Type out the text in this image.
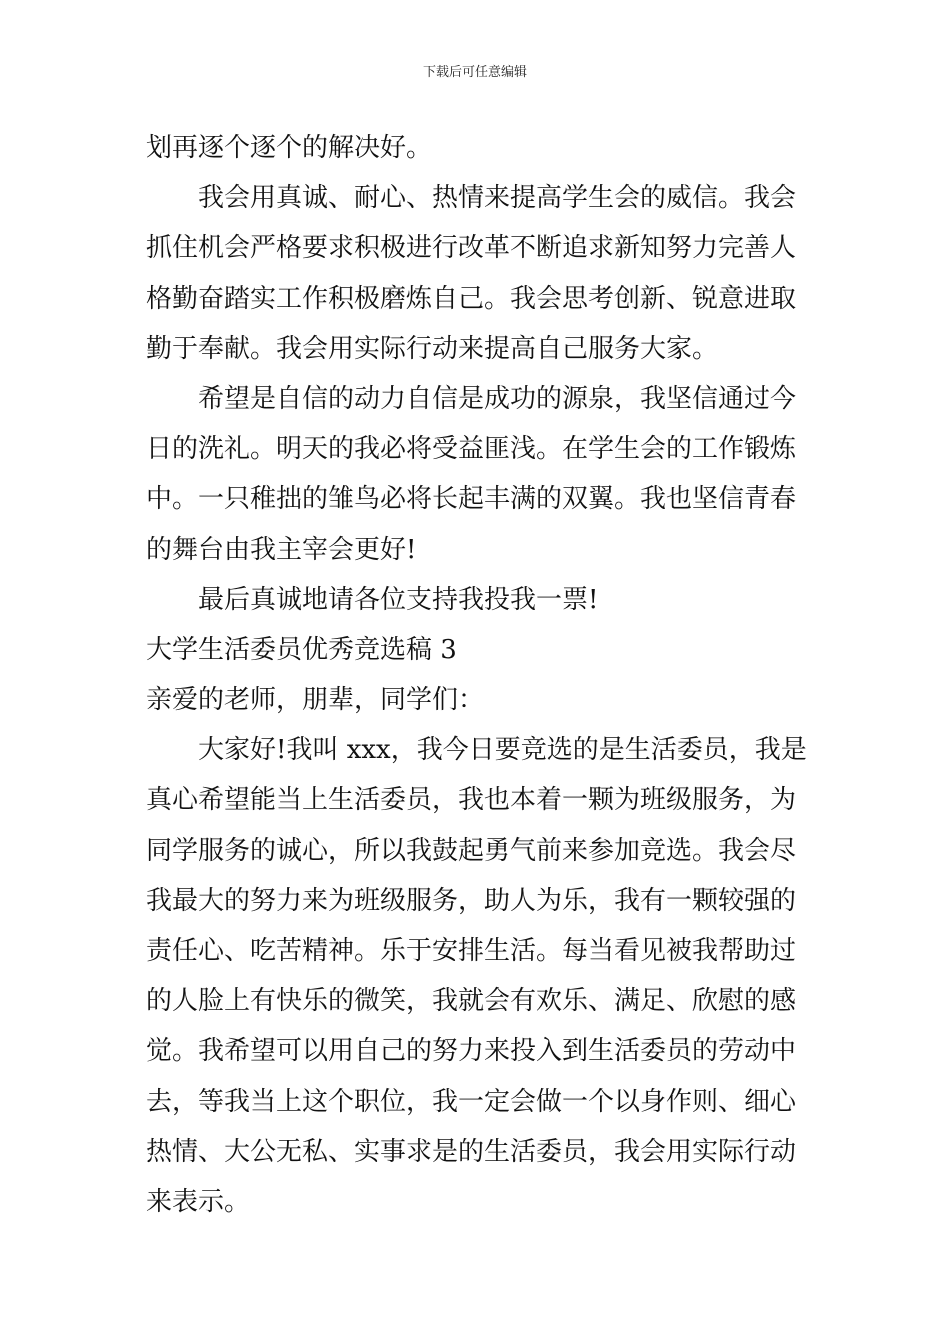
下载后可任意编辑
划再逐个逐个的解决好。
我会用真诚、耐心、热情来提高学生会的威信。我会
抓住机会严格要求积极进行改革不断追求新知努力完善人
格勤奋踏实工作积极磨炼自己。我会思考创新、锐意进取
勤于奉献。我会用实际行动来提高自己服务大家。
希望是自信的动力自信是成功的源泉，我坚信通过今
日的洗礼。明天的我必将受益匪浅。在学生会的工作锻炼
中。一只稚拙的雏鸟必将长起丰满的双翼。我也坚信青春
的舞台由我主宰会更好!
最后真诚地请各位支持我投我一票!
大学生活委员优秀竞选稿 3
亲爱的老师，朋辈，同学们：
大家好!我叫 xxx，我今日要竞选的是生活委员，我是
真心希望能当上生活委员，我也本着一颗为班级服务，为
同学服务的诚心，所以我鼓起勇气前来参加竞选。我会尽
我最大的努力来为班级服务，助人为乐，我有一颗较强的
责任心、吃苦精神。乐于安排生活。每当看见被我帮助过
的人脸上有快乐的微笑，我就会有欢乐、满足、欣慰的感
觉。我希望可以用自己的努力来投入到生活委员的劳动中
去，等我当上这个职位，我一定会做一个以身作则、细心
热情、大公无私、实事求是的生活委员，我会用实际行动
来表示。
